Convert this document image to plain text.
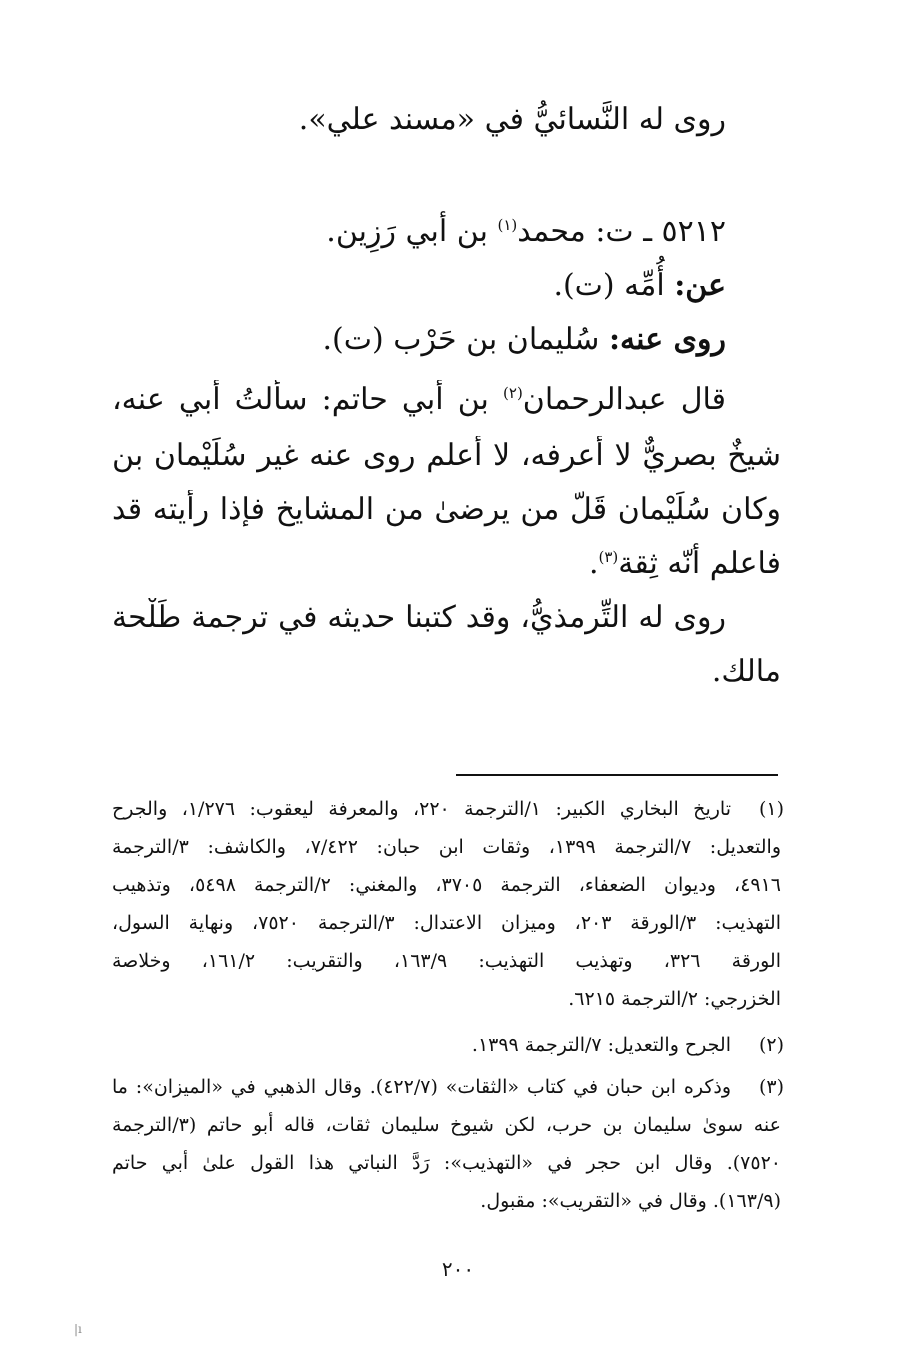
روى له النَّسائيُّ في «مسند علي».
٥٢١٢ ـ ت: محمد$^{(١)}$ بن أبي رَزِين.
عن: أُمِّه (ت).
روى عنه: سُليمان بن حَرْب (ت).
قال عبدالرحمان$^{(٢)}$ بن أبي حاتم: سألتُ أبي عنه،
شيخٌ بصريٌّ لا أعرفه، لا أعلم روى عنه غير سُلَيْمان بن
وكان سُلَيْمان قَلّ من يرضىٰ من المشايخ فإذا رأيته قد
فاعلم أنّه ثِقة$^{(٣)}$.
روى له التِّرمذيُّ، وقد كتبنا حديثه في ترجمة طَلْحة
مالك.
(١)
تاريخ البخاري الكبير: ١/الترجمة ٢٢٠، والمعرفة ليعقوب: ١/٢٧٦، والجرح
والتعديل: ٧/الترجمة ١٣٩٩، وثقات ابن حبان: ٧/٤٢٢، والكاشف: ٣/الترجمة
٤٩١٦، وديوان الضعفاء، الترجمة ٣٧٠٥، والمغني: ٢/الترجمة ٥٤٩٨، وتذهيب
التهذيب: ٣/الورقة ٢٠٣، وميزان الاعتدال: ٣/الترجمة ٧٥٢٠، ونهاية السول،
الورقة ٣٢٦، وتهذيب التهذيب: ١٦٣/٩، والتقريب: ١٦١/٢، وخلاصة
الخزرجي: ٢/الترجمة ٦٢١٥.
(٢)
الجرح والتعديل: ٧/الترجمة ١٣٩٩.
(٣)
وذكره ابن حبان في كتاب «الثقات» (٤٢٢/٧). وقال الذهبي في «الميزان»: ما
عنه سوىٰ سليمان بن حرب، لكن شيوخ سليمان ثقات، قاله أبو حاتم (٣/الترجمة
٧٥٢٠). وقال ابن حجر في «التهذيب»: رَدَّ النباتي هذا القول علىٰ أبي حاتم
(١٦٣/٩). وقال في «التقريب»: مقبول.
٢٠٠
ı|
